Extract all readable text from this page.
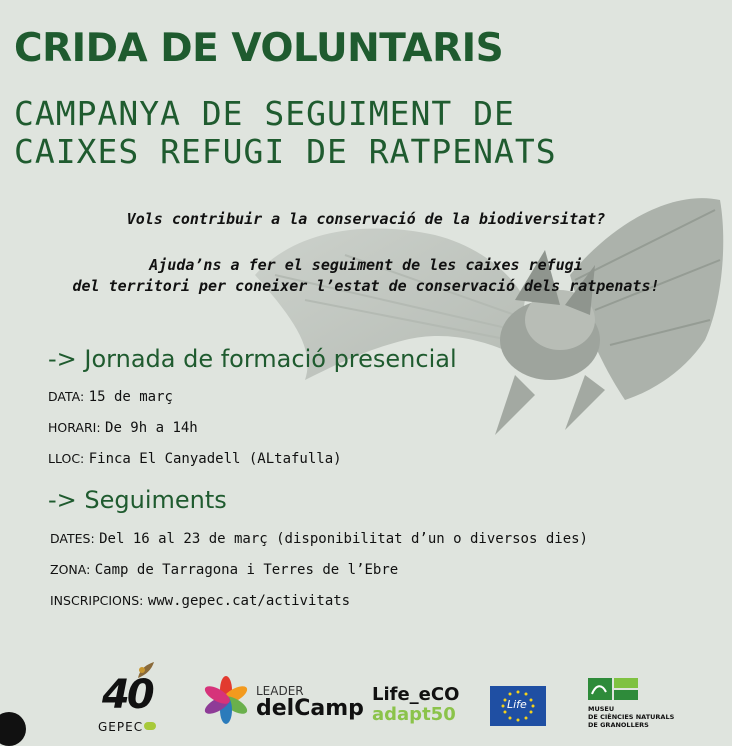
CRIDA DE VOLUNTARIS
CAMPANYA DE SEGUIMENT DE
CAIXES REFUGI DE RATPENATS
Vols contribuir a la conservació de la biodiversitat?
Ajuda’ns a fer el seguiment de les caixes refugi
del territori per coneixer l’estat de conservació dels ratpenats!
-> Jornada de formació presencial
DATA: 15 de març
HORARI: De 9h a 14h
LLOC: Finca El Canyadell (ALtafulla)
-> Seguiments
DATES: Del 16 al 23 de març (disponibilitat d’un o diversos dies)
ZONA: Camp de Tarragona i Terres de l’Ebre
INSCRIPCIONS: www.gepec.cat/activitats
40
GEPEC
LEADER
delCamp
Life_eCO
adapt50	Life	MUSEU
DE CIÈNCIES NATURALS
DE GRANOLLERS
